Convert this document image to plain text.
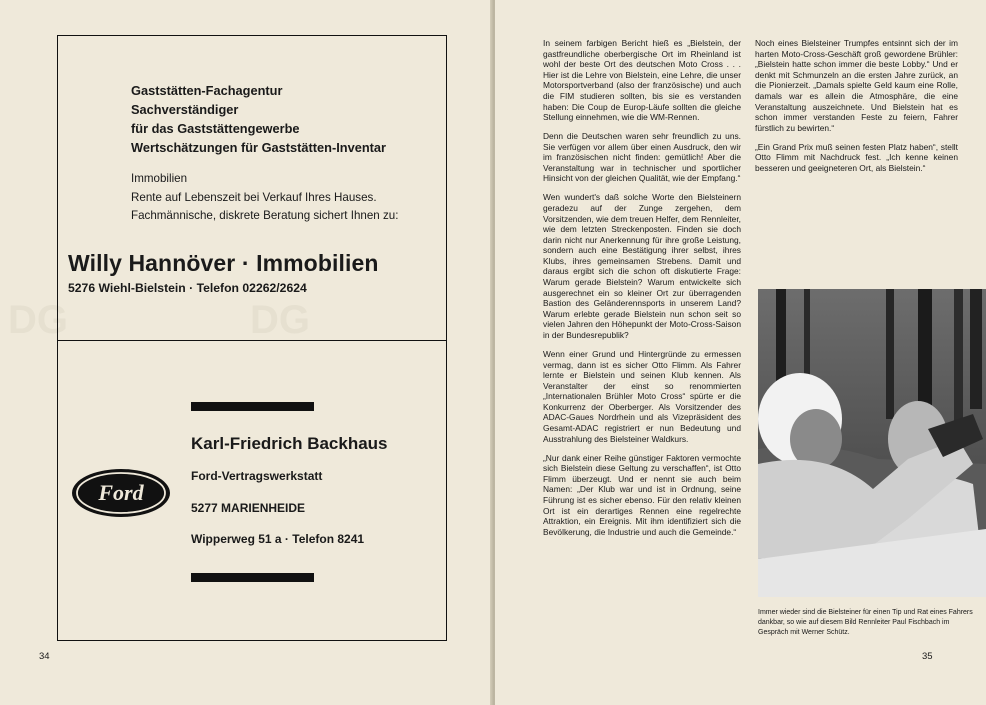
DG	DG

Gaststätten-Fachagentur

Sachverständiger

für das Gaststättengewerbe

Wertschätzungen für Gaststätten-Inventar

Immobilien

Rente auf Lebenszeit bei Verkauf Ihres Hauses.

Fachmännische, diskrete Beratung sichert Ihnen zu:

Willy Hannöver · Immobilien
5276 Wiehl-Bielstein · Telefon 02262/2624
Karl-Friedrich Backhaus
Ford-Vertragswerkstatt
5277 MARIENHEIDE
Wipperweg 51 a · Telefon 8241
Ford
34

In seinem farbigen Bericht hieß es „Bielstein, der gastfreundliche oberbergische Ort im Rheinland ist wohl der beste Ort des deutschen Moto Cross . . . Hier ist die Lehre von Bielstein, eine Lehre, die unser Motorsportverband (also der französische) und auch die FIM studieren sollten, bis sie es verstanden haben: Die Coup de Europ-Läufe sollten die gleiche Stellung einnehmen, wie die WM-Rennen.

Denn die Deutschen waren sehr freundlich zu uns. Sie verfügen vor allem über einen Ausdruck, den wir im französischen nicht finden: gemütlich! Aber die Veranstaltung war in technischer und sportlicher Hinsicht von der gleichen Qualität, wie der Empfang.“

Wen wundert's daß solche Worte den Bielsteinern geradezu auf der Zunge zergehen, dem Vorsitzenden, wie dem treuen Helfer, dem Rennleiter, wie dem letzten Streckenposten. Finden sie doch darin nicht nur Anerkennung für ihre große Leistung, sondern auch eine Bestätigung ihrer selbst, ihres Klubs, ihres gemeinsamen Strebens. Damit und daraus ergibt sich die schon oft diskutierte Frage: Warum gerade Bielstein? Warum entwickelte sich ausgerechnet ein so kleiner Ort zur überragenden Bastion des Geländerennsports in unserem Land? Warum erlebte gerade Bielstein nun schon seit so vielen Jahren den Höhepunkt der Moto-Cross-Saison in der Bundesrepublik?

Wenn einer Grund und Hintergründe zu ermessen vermag, dann ist es sicher Otto Flimm. Als Fahrer lernte er Bielstein und seinen Klub kennen. Als Veranstalter der einst so renommierten „Internationalen Brühler Moto Cross“ spürte er die Konkurrenz der Oberberger. Als Vorsitzender des ADAC-Gaues Nordrhein und als Vizepräsident des Gesamt-ADAC registriert er nun Bedeutung und Ausstrahlung des Bielsteiner Waldkurs.

„Nur dank einer Reihe günstiger Faktoren vermochte sich Bielstein diese Geltung zu verschaffen“, ist Otto Flimm überzeugt. Und er nennt sie auch beim Namen: „Der Klub war und ist in Ordnung, seine Führung ist es sicher ebenso. Für den relativ kleinen Ort ist ein derartiges Rennen eine regelrechte Attraktion, ein Ereignis. Mit ihm identifiziert sich die Bevölkerung, die Industrie und auch die Gemeinde.“

Noch eines Bielsteiner Trumpfes entsinnt sich der im harten Moto-Cross-Geschäft groß gewordene Brühler: „Bielstein hatte schon immer die beste Lobby.“ Und er denkt mit Schmunzeln an die ersten Jahre zurück, an die Pionierzeit. „Damals spielte Geld kaum eine Rolle, damals war es allein die Atmosphäre, die eine Veranstaltung auszeichnete. Und Bielstein hat es schon immer verstanden Feste zu feiern, Fahrer fürstlich zu bewirten.“

„Ein Grand Prix muß seinen festen Platz haben“, stellt Otto Flimm mit Nachdruck fest. „Ich kenne keinen besseren und geeigneteren Ort, als Bielstein.“

Immer wieder sind die Bielsteiner für einen Tip und Rat eines Fahrers dankbar, so wie auf diesem Bild Rennleiter Paul Fischbach im Gespräch mit Werner Schütz.
35
